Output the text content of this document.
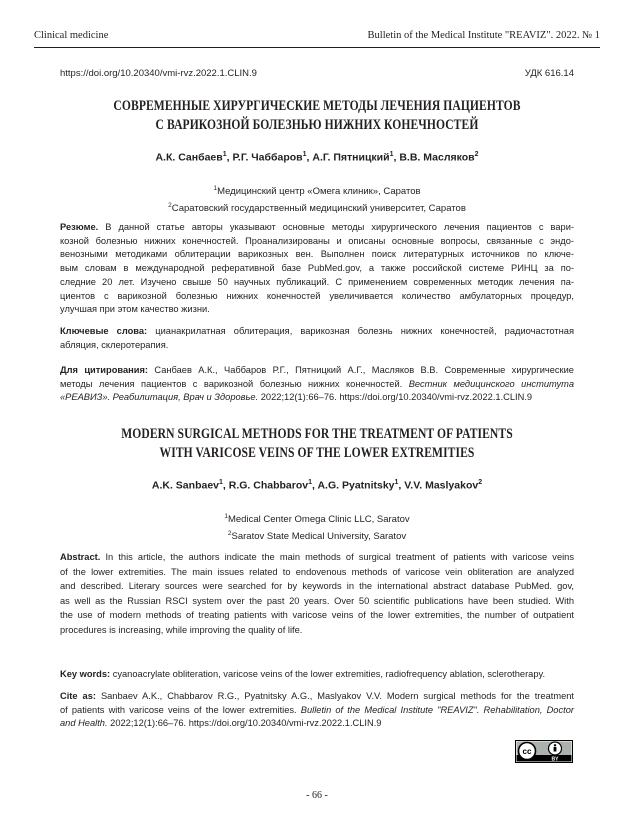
Clinical medicine	Bulletin of the Medical Institute "REAVIZ". 2022. № 1
https://doi.org/10.20340/vmi-rvz.2022.1.CLIN.9	УДК 616.14
СОВРЕМЕННЫЕ ХИРУРГИЧЕСКИЕ МЕТОДЫ ЛЕЧЕНИЯ ПАЦИЕНТОВ
С ВАРИКОЗНОЙ БОЛЕЗНЬЮ НИЖНИХ КОНЕЧНОСТЕЙ
А.К. Санбаев$^1$, Р.Г. Чаббаров$^1$, А.Г. Пятницкий$^1$, В.В. Масляков$^2$
$^1$Медицинский центр «Омега клиник», Саратов
$^2$Саратовский государственный медицинский университет, Саратов
Резюме. В данной статье авторы указывают основные методы хирургического лечения пациентов с вари-
козной болезнью нижних конечностей. Проанализированы и описаны основные вопросы, связанные с эндо-
венозными методиками облитерации варикозных вен. Выполнен поиск литературных источников по ключе-
вым словам в международной реферативной базе PubMed.gov, а также российской системе РИНЦ за по-
следние 20 лет. Изучено свыше 50 научных публикаций. С применением современных методик лечения па-
циентов с варикозной болезнью нижних конечностей увеличивается количество амбулаторных процедур,
улучшая при этом качество жизни.
Ключевые слова: цианакрилатная облитерация, варикозная болезнь нижних конечностей, радиочастотная
абляция, склеротерапия.
Для цитирования: Санбаев А.К., Чаббаров Р.Г., Пятницкий А.Г., Масляков В.В. Современные хирургические
методы лечения пациентов с варикозной болезнью нижних конечностей. Вестник медицинского института
«РЕАВИЗ». Реабилитация, Врач и Здоровье. 2022;12(1):66–76. https://doi.org/10.20340/vmi-rvz.2022.1.CLIN.9
MODERN SURGICAL METHODS FOR THE TREATMENT OF PATIENTS
WITH VARICOSE VEINS OF THE LOWER EXTREMITIES
A.K. Sanbaev$^1$, R.G. Chabbarov$^1$, A.G. Pyatnitsky$^1$, V.V. Maslyakov$^2$
$^1$Medical Center Omega Clinic LLC, Saratov
$^2$Saratov State Medical University, Saratov
Abstract. In this article, the authors indicate the main methods of surgical treatment of patients with varicose veins
of the lower extremities. The main issues related to endovenous methods of varicose vein obliteration are analyzed
and described. Literary sources were searched for by keywords in the international abstract database PubMed. gov,
as well as the Russian RSCI system over the past 20 years. Over 50 scientific publications have been studied. With
the use of modern methods of treating patients with varicose veins of the lower extremities, the number of outpatient
procedures is increasing, while improving the quality of life.
Key words: cyanoacrylate obliteration, varicose veins of the lower extremities, radiofrequency ablation, sclerotherapy.
Cite as: Sanbaev A.K., Chabbarov R.G., Pyatnitsky A.G., Maslyakov V.V. Modern surgical methods for the treatment
of patients with varicose veins of the lower extremities. Bulletin of the Medical Institute "REAVIZ". Rehabilitation, Doctor
and Health. 2022;12(1):66–76. https://doi.org/10.20340/vmi-rvz.2022.1.CLIN.9
cc
BY
- 66 -
